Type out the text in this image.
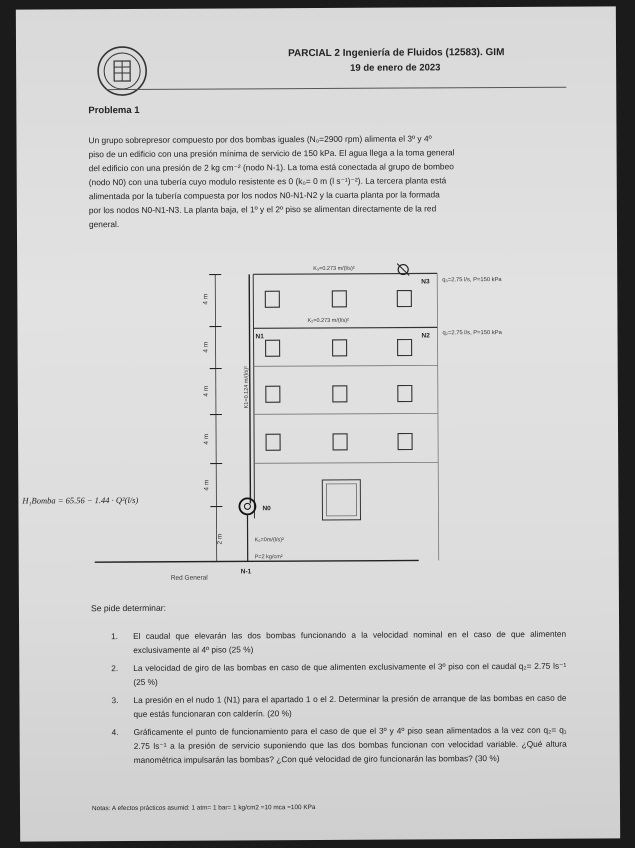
PARCIAL 2 Ingeniería de Fluidos (12583). GIM
19 de enero de 2023
Problema 1
Un grupo sobrepresor compuesto por dos bombas iguales (N₀=2900 rpm) alimenta el 3º y 4º
piso de un edificio con una presión mínima de servicio de 150 kPa. El agua llega a la toma general
del edificio con una presión de 2 kg cm⁻² (nodo N-1). La toma está conectada al grupo de bombeo
(nodo N0) con una tubería cuyo modulo resistente es 0 (k₀= 0 m (l s⁻¹)⁻²). La tercera planta está
alimentada por la tubería compuesta por los nodos N0-N1-N2 y la cuarta planta por la formada
por los nodos N0-N1-N3. La planta baja, el 1º y el 2º piso se alimentan directamente de la red
general.
4 m
4 m
4 m
4 m
4 m
2 m
K1=0.124 m/(l/s)²
K₃=0.273 m/(l/s)²
K₂=0.273 m/(l/s)²
N3
N2
N1
N0
N-1
q₃=2.75 l/s, P=150 kPa
q₂=2.75 l/s, P=150 kPa
K₀=0m/(l/s)²
P=2 kg/cm²
Red General
H₁Bomba = 65.56 − 1.44 · Q²(l/s)
Se pide determinar:
1.	El caudal que elevarán las dos bombas funcionando a la velocidad nominal en el caso de que alimenten exclusivamente al 4º piso (25 %)
2.	La velocidad de giro de las bombas en caso de que alimenten exclusivamente el 3º piso con el caudal q₂= 2.75 ls⁻¹ (25 %)
3.	La presión en el nudo 1 (N1) para el apartado 1 o el 2. Determinar la presión de arranque de las bombas en caso de que estás funcionaran con calderín. (20 %)
4.	Gráficamente el punto de funcionamiento para el caso de que el 3º y 4º piso sean alimentados a la vez con q₂= q₁ 2.75 ls⁻¹ a la presión de servicio suponiendo que las dos bombas funcionan con velocidad variable. ¿Qué altura manométrica impulsarán las bombas? ¿Con qué velocidad de giro funcionarán las bombas? (30 %)
Notas: A efectos prácticos asumid: 1 atm= 1 bar= 1 kg/cm2 =10 mca =100 KPa
